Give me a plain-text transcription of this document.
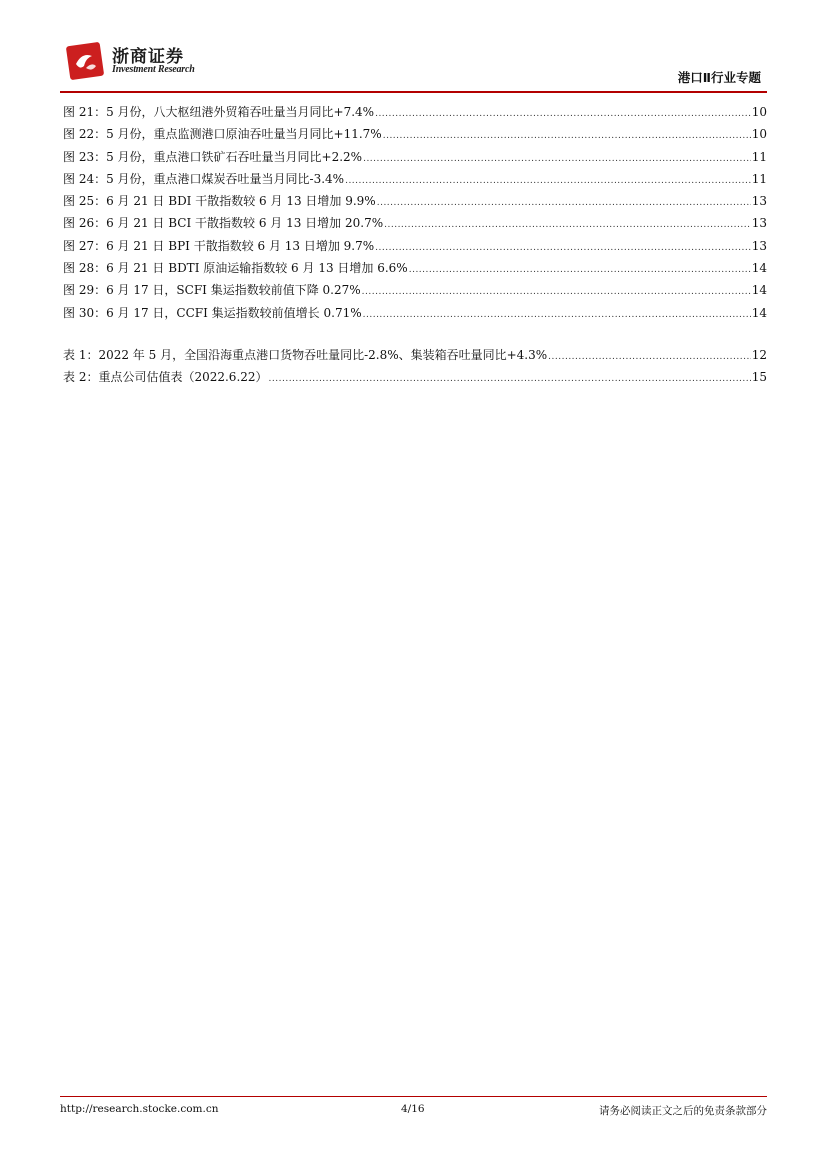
浙商证券
Investment Research
港口Ⅱ行业专题
图 21：5 月份，八大枢纽港外贸箱吞吐量当月同比+7.4% .....	10
图 22：5 月份，重点监测港口原油吞吐量当月同比+11.7% .....	10
图 23：5 月份，重点港口铁矿石吞吐量当月同比+2.2% .....	11
图 24：5 月份，重点港口煤炭吞吐量当月同比-3.4% .....	11
图 25：6 月 21 日 BDI 干散指数较 6 月 13 日增加 9.9% .....	13
图 26：6 月 21 日 BCI 干散指数较 6 月 13 日增加 20.7% .....	13
图 27：6 月 21 日 BPI 干散指数较 6 月 13 日增加 9.7% .....	13
图 28：6 月 21 日 BDTI 原油运输指数较 6 月 13 日增加 6.6% .....	14
图 29：6 月 17 日，SCFI 集运指数较前值下降 0.27% .....	14
图 30：6 月 17 日，CCFI 集运指数较前值增长 0.71% .....	14
表 1：2022 年 5 月，全国沿海重点港口货物吞吐量同比-2.8%、集装箱吞吐量同比+4.3% .....	12
表 2：重点公司估值表（2022.6.22） .....	15
http://research.stocke.com.cn	4/16	请务必阅读正文之后的免责条款部分
